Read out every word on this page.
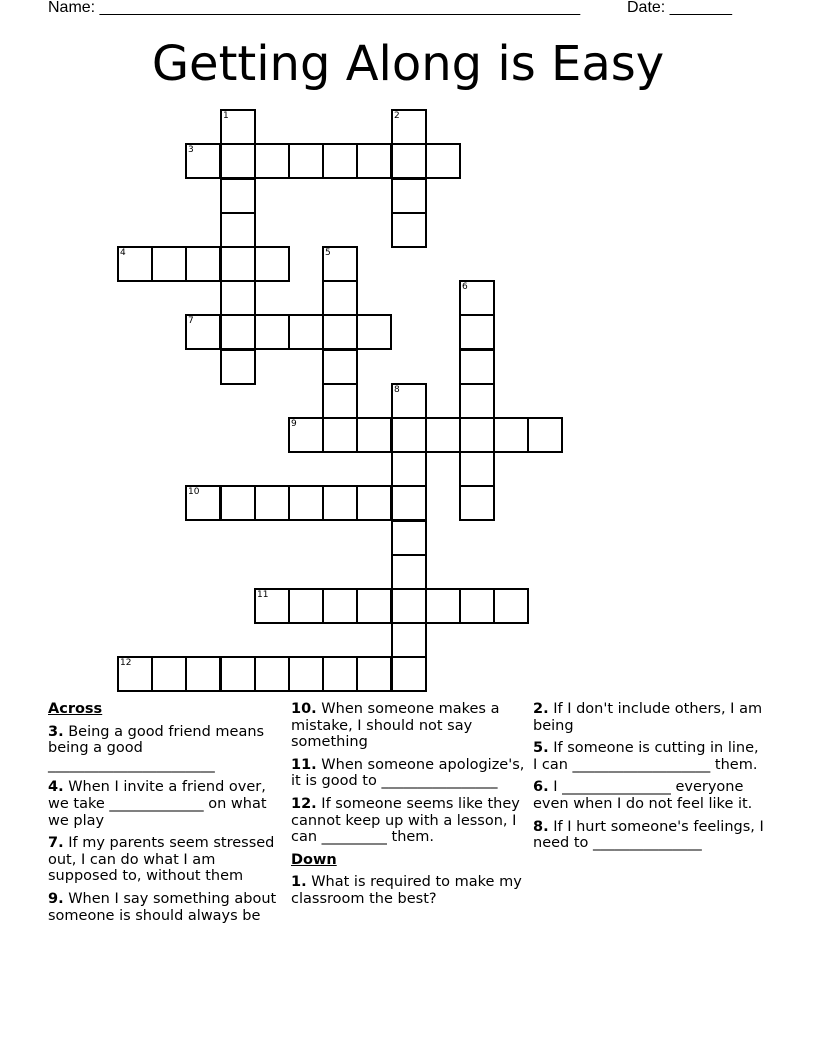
Name: ______________________________________________________	Date: _______
Getting Along is Easy
1	2
3
4	5
6
7
8
9
10
11
12
Across
3. Being a good friend means being a good _______________________
4. When I invite a friend over, we take _____________ on what we play
7. If my parents seem stressed out, I can do what I am supposed to, without them
9. When I say something about someone is should always be
10. When someone makes a mistake, I should not say something
11. When someone apologize's, it is good to ________________
12. If someone seems like they cannot keep up with a lesson, I can _________ them.
Down
1. What is required to make my classroom the best?
2. If I don't include others, I am being
5. If someone is cutting in line, I can ___________________ them.
6. I _______________ everyone even when I do not feel like it.
8. If I hurt someone's feelings, I need to _______________
